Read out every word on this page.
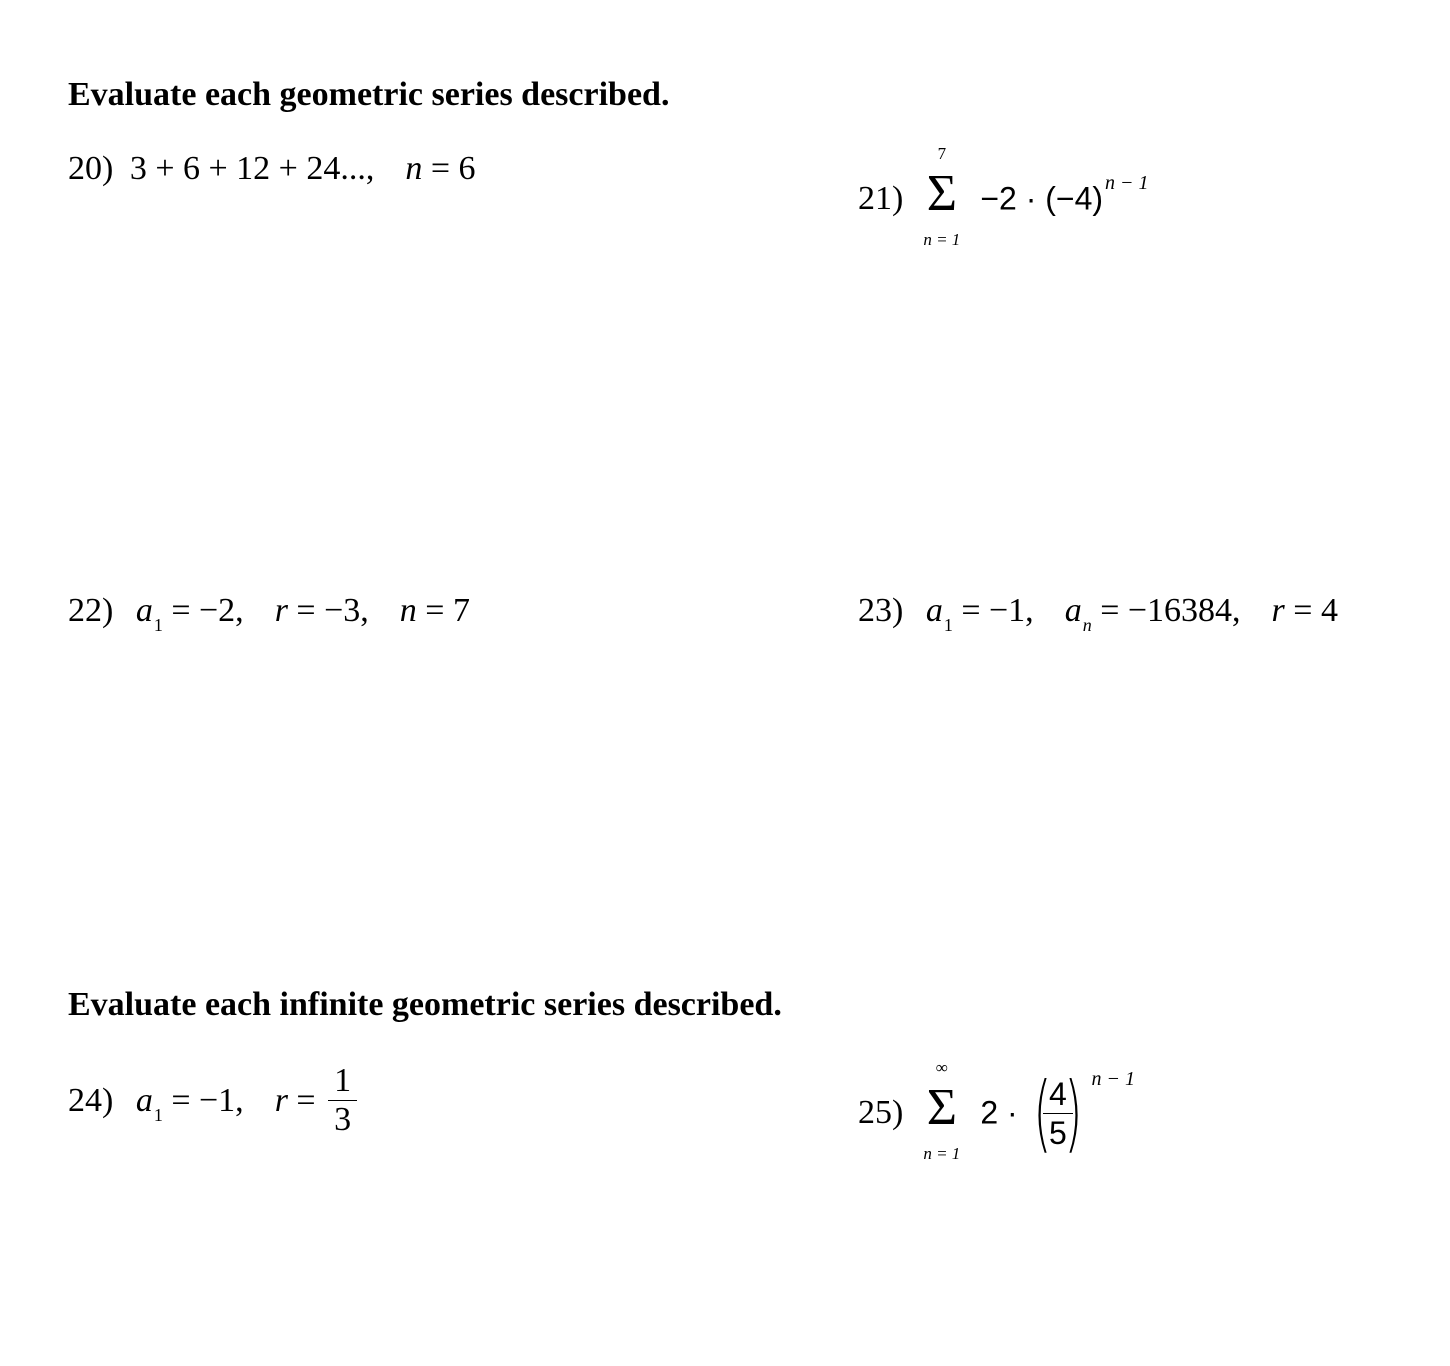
Evaluate each geometric series described.
20) 3 + 6 + 12 + 24..., n = 6
21)
7
Σ
n = 1
−2 · (−4) $^{n - 1}$
22) $a_1 = -2$, r = −3, n = 7	23) $a_1 = -1$, $a_n = -16384$, r = 4
Evaluate each infinite geometric series described.
24) $a_1 = -1$, $r = \frac{1}{3}$	25)
∞
Σ
n = 1
2 · (
$\frac{4}{5}$
) $^{n - 1}$
